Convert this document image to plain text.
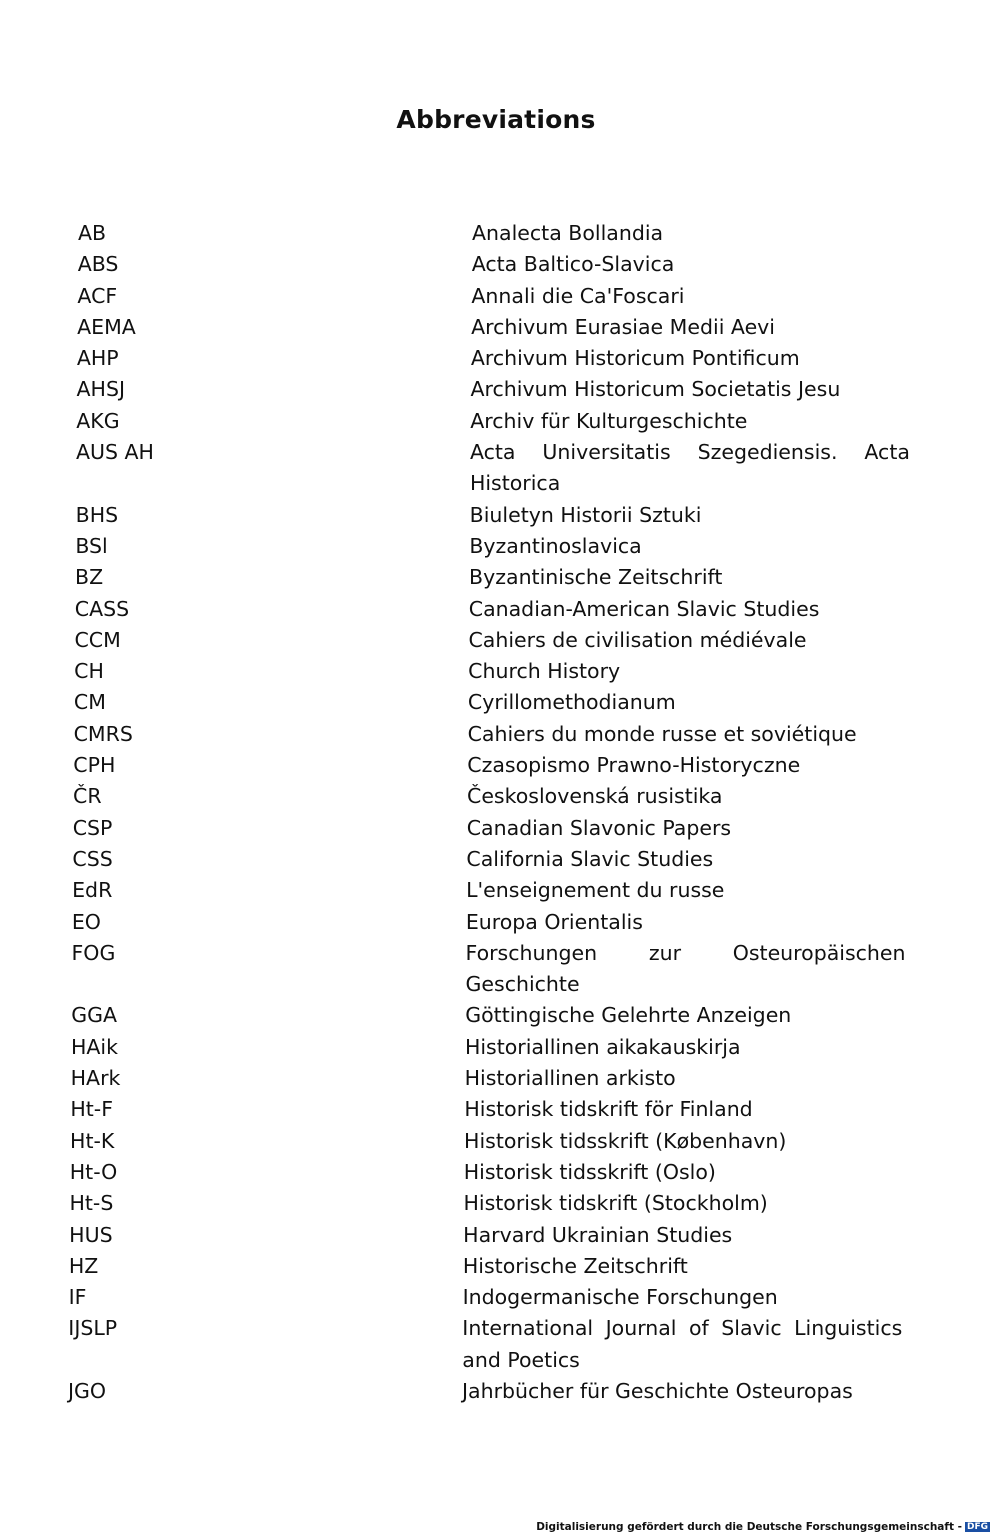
Abbreviations
AB	Analecta Bollandia
ABS	Acta Baltico-Slavica
ACF	Annali die Ca'Foscari
AEMA	Archivum Eurasiae Medii Aevi
AHP	Archivum Historicum Pontificum
AHSJ	Archivum Historicum Societatis Jesu
AKG	Archiv für Kulturgeschichte
AUS AH	Acta Universitatis Szegediensis. Acta Historica
BHS	Biuletyn Historii Sztuki
BSl	Byzantinoslavica
BZ	Byzantinische Zeitschrift
CASS	Canadian-American Slavic Studies
CCM	Cahiers de civilisation médiévale
CH	Church History
CM	Cyrillomethodianum
CMRS	Cahiers du monde russe et soviétique
CPH	Czasopismo Prawno-Historyczne
ČR	Československá rusistika
CSP	Canadian Slavonic Papers
CSS	California Slavic Studies
EdR	L'enseignement du russe
EO	Europa Orientalis
FOG	Forschungen zur Osteuropäischen Geschichte
GGA	Göttingische Gelehrte Anzeigen
HAik	Historiallinen aikakauskirja
HArk	Historiallinen arkisto
Ht-F	Historisk tidskrift för Finland
Ht-K	Historisk tidsskrift (København)
Ht-O	Historisk tidsskrift (Oslo)
Ht-S	Historisk tidskrift (Stockholm)
HUS	Harvard Ukrainian Studies
HZ	Historische Zeitschrift
IF	Indogermanische Forschungen
IJSLP	International Journal of Slavic Linguistics and Poetics
JGO	Jahrbücher für Geschichte Osteuropas
Digitalisierung gefördert durch die Deutsche Forschungsgemeinschaft - DFG
